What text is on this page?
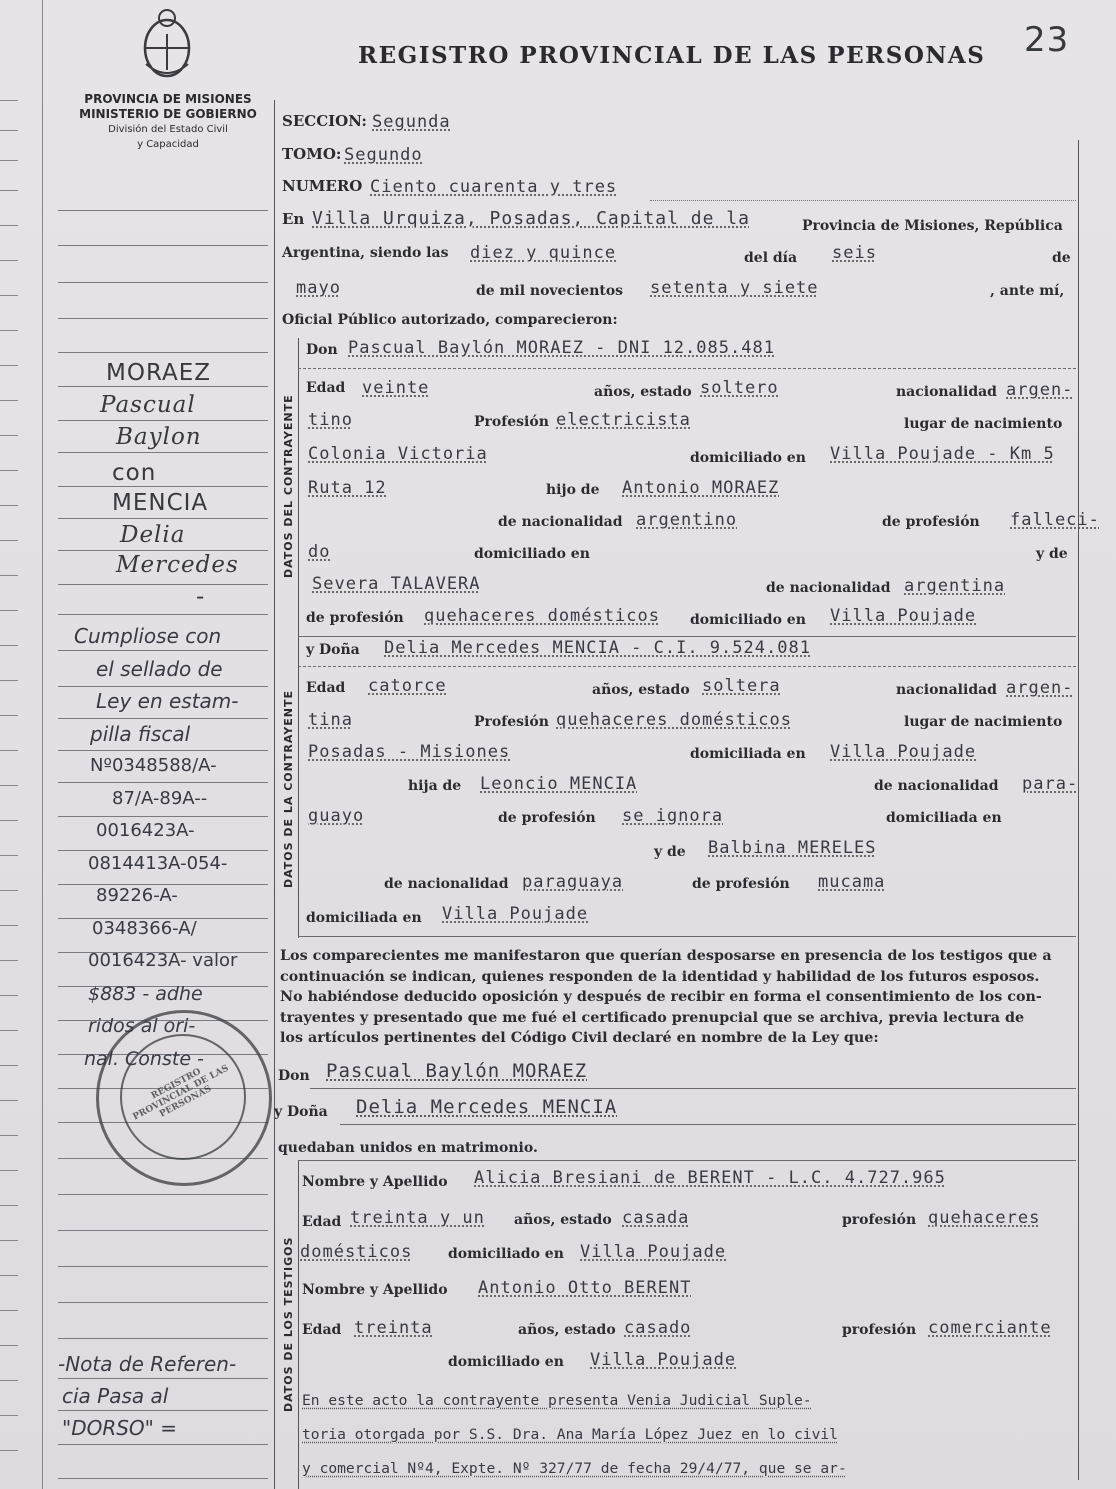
PROVINCIA DE MISIONES
MINISTERIO DE GOBIERNO
División del Estado Civil
y Capacidad
REGISTRO PROVINCIAL DE LAS PERSONAS 23
MORAEZ
Pascual
Baylon
con
MENCIA
Delia
Mercedes
-
Cumpliose con
el sellado de
Ley en estam-
pilla fiscal
Nº0348588/A-
87/A-89A--
0016423A-
0814413A-054-
89226-A-
0348366-A/
0016423A- valor
$883 - adhe
ridos al ori-
nal. Conste -
REGISTRO PROVINCIAL DE LAS PERSONAS
-Nota de Referen-
cia Pasa al
"DORSO" =
SECCION: Segunda
TOMO: Segundo
NUMERO Ciento cuarenta y tres
En Villa Urquiza, Posadas, Capital de la	Provincia de Misiones, República
Argentina, siendo las diez y quince	del día seis	de
mayo	de mil novecientos setenta y siete	, ante mí,
Oficial Público autorizado, comparecieron:
DATOS DEL CONTRAYENTE
Don Pascual Baylón MORAEZ - DNI 12.085.481
Edad veinte	años, estado soltero	nacionalidad argen-
tino	Profesión electricista	lugar de nacimiento
Colonia Victoria	domiciliado en Villa Poujade - Km 5
Ruta 12	hijo de Antonio MORAEZ
de nacionalidad argentino	de profesión falleci-
do	domiciliado en	y de
Severa TALAVERA	de nacionalidad argentina
de profesión quehaceres domésticos domiciliado en Villa Poujade
DATOS DE LA CONTRAYENTE
y Doña Delia Mercedes MENCIA - C.I. 9.524.081
Edad catorce	años, estado soltera	nacionalidad argen-
tina	Profesión quehaceres domésticos	lugar de nacimiento
Posadas - Misiones	domiciliada en Villa Poujade
hija de Leoncio MENCIA	de nacionalidad para-
guayo	de profesión se ignora	domiciliada en
y de Balbina MERELES
de nacionalidad paraguaya	de profesión mucama
domiciliada en Villa Poujade
Los comparecientes me manifestaron que querían desposarse en presencia de los testigos que a
continuación se indican, quienes responden de la identidad y habilidad de los futuros esposos.
No habiéndose deducido oposición y después de recibir en forma el consentimiento de los con-
trayentes y presentado que me fué el certificado prenupcial que se archiva, previa lectura de
los artículos pertinentes del Código Civil declaré en nombre de la Ley que:
Don Pascual Baylón MORAEZ
y Doña Delia Mercedes MENCIA
quedaban unidos en matrimonio.
DATOS DE LOS TESTIGOS
Nombre y Apellido Alicia Bresiani de BERENT - L.C. 4.727.965
Edad treinta y un años, estado casada	profesión quehaceres
domésticos	domiciliado en Villa Poujade
Nombre y Apellido Antonio Otto BERENT
Edad treinta	años, estado casado	profesión comerciante
domiciliado en Villa Poujade
En este acto la contrayente presenta Venia Judicial Suple-
toria otorgada por S.S. Dra. Ana María López Juez en lo civil
y comercial Nº4, Expte. Nº 327/77 de fecha 29/4/77, que se ar-
